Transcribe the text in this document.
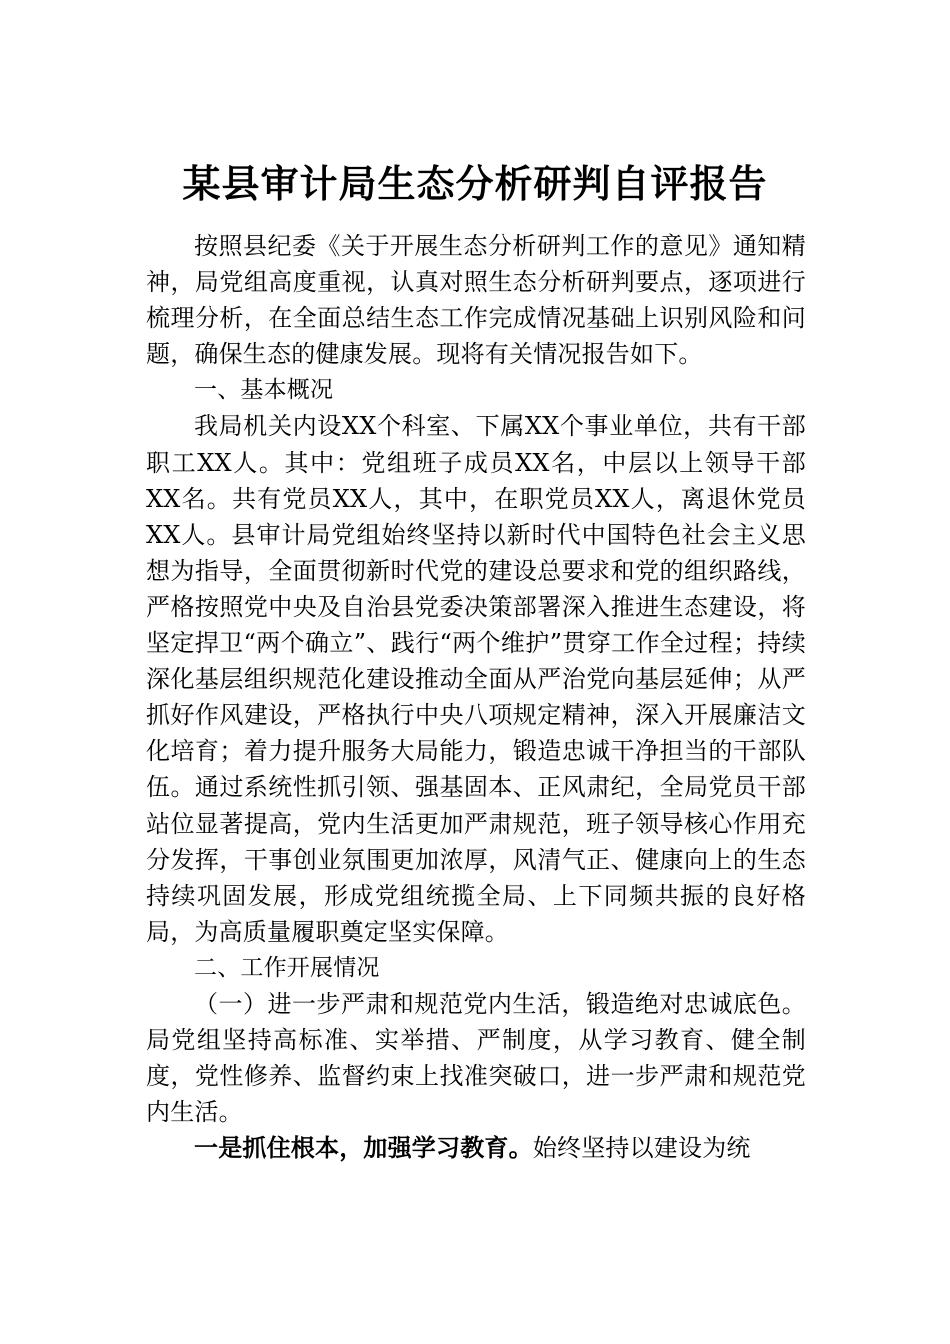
某县审计局生态分析研判自评报告

按照县纪委《关于开展生态分析研判工作的意见》通知精神，局党组高度重视，认真对照生态分析研判要点，逐项进行梳理分析，在全面总结生态工作完成情况基础上识别风险和问题，确保生态的健康发展。现将有关情况报告如下。

一、基本概况

我局机关内设XX个科室、下属XX个事业单位，共有干部职工XX人。其中：党组班子成员XX名，中层以上领导干部XX名。共有党员XX人，其中，在职党员XX人，离退休党员XX人。县审计局党组始终坚持以新时代中国特色社会主义思想为指导，全面贯彻新时代党的建设总要求和党的组织路线，严格按照党中央及自治县党委决策部署深入推进生态建设，将坚定捍卫“两个确立”、践行“两个维护”贯穿工作全过程；持续深化基层组织规范化建设推动全面从严治党向基层延伸；从严抓好作风建设，严格执行中央八项规定精神，深入开展廉洁文化培育；着力提升服务大局能力，锻造忠诚干净担当的干部队伍。通过系统性抓引领、强基固本、正风肃纪，全局党员干部站位显著提高，党内生活更加严肃规范，班子领导核心作用充分发挥，干事创业氛围更加浓厚，风清气正、健康向上的生态持续巩固发展，形成党组统揽全局、上下同频共振的良好格局，为高质量履职奠定坚实保障。

二、工作开展情况

（一）进一步严肃和规范党内生活，锻造绝对忠诚底色。局党组坚持高标准、实举措、严制度，从学习教育、健全制度，党性修养、监督约束上找准突破口，进一步严肃和规范党内生活。

一是抓住根本，加强学习教育。始终坚持以建设为统
